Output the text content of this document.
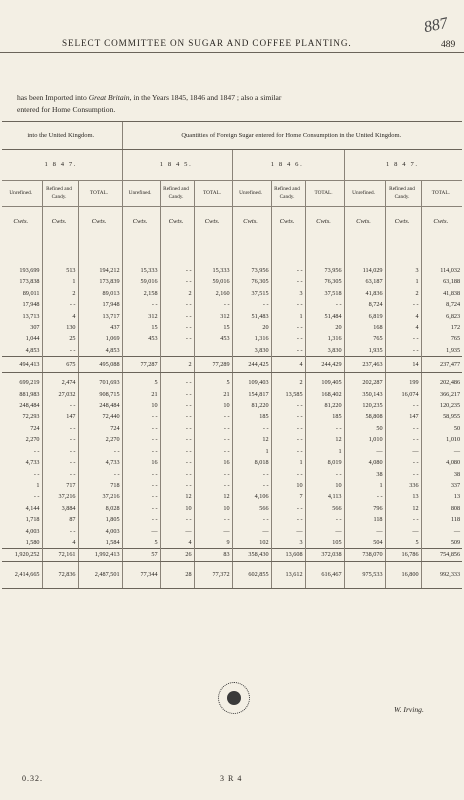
SELECT COMMITTEE ON SUGAR AND COFFEE PLANTING.
887
489
has been Imported into Great Britain, in the Years 1845, 1846 and 1847 ; also a similar
entered for Home Consumption.
into the United Kingdom.			Quantities of Foreign Sugar entered for Home Consumption in the United Kingdom.								
1 8 4 7.			1 8 4 5.			1 8 4 6.			1 8 4 7.		
Unrefined.	Refined and Candy.	TOTAL.	Unrefined.	Refined and Candy.	TOTAL.	Unrefined.	Refined and Candy.	TOTAL.	Unrefined.	Refined and Candy.	TOTAL.
Cwts.	Cwts.	Cwts.	Cwts.	Cwts.	Cwts.	Cwts.	Cwts.	Cwts.	Cwts.	Cwts.	Cwts.

193,699	513	194,212	15,333	- -	15,333	73,956	- -	73,956	114,029	3	114,032
173,838	1	173,839	59,016	- -	59,016	76,305	- -	76,305	63,187	1	63,188
89,011	2	89,013	2,158	2	2,160	37,515	3	37,518	41,836	2	41,838
17,948	- -	17,948	- -	- -	- -	- -	- -	- -	8,724	- -	8,724
13,713	4	13,717	312	- -	312	51,483	1	51,484	6,819	4	6,823
307	130	437	15	- -	15	20	- -	20	168	4	172
1,044	25	1,069	453	- -	453	1,316	- -	1,316	765	- -	765
4,853	- -	4,853				3,830	- -	3,830	1,935	- -	1,935
494,413	675	495,088	77,287	2	77,289	244,425	4	244,429	237,463	14	237,477

699,219	2,474	701,693	5	- -	5	109,403	2	109,405	202,287	199	202,486
881,983	27,032	908,715	21	- -	21	154,817	13,585	168,402	350,143	16,074	366,217
248,484	- -	248,484	10	- -	10	81,220	- -	81,220	120,235	- -	120,235
72,293	147	72,440	- -	- -	- -	185	- -	185	58,808	147	58,955
724	- -	724	- -	- -	- -	- -	- -	- -	50	- -	50
2,270	- -	2,270	- -	- -	- -	12	- -	12	1,010	- -	1,010
- -	- -	- -	- -	- -	- -	1	- -	1	—	—	—
4,733	- -	4,733	16	- -	16	8,018	1	8,019	4,080	- -	4,080
- -	- -	- -	- -	- -	- -	- -	- -	- -	38	- -	38
1	717	718	- -	- -	- -	- -	10	10	1	336	337
- -	37,216	37,216	- -	12	12	4,106	7	4,113	- -	13	13
4,144	3,884	8,028	- -	10	10	566	- -	566	796	12	808
1,718	87	1,805	- -	- -	- -	- -	- -	- -	118	- -	118
4,003	- -	4,003	—	—	—	—	—	—	—	—	—
1,580	4	1,584	5	4	9	102	3	105	504	5	509
1,920,252	72,161	1,992,413	57	26	83	358,430	13,608	372,038	738,070	16,786	754,856
2,414,665	72,836	2,487,501	77,344	28	77,372	602,855	13,612	616,467	975,533	16,800	992,333
W. Irving.
0.32.	3 R 4
